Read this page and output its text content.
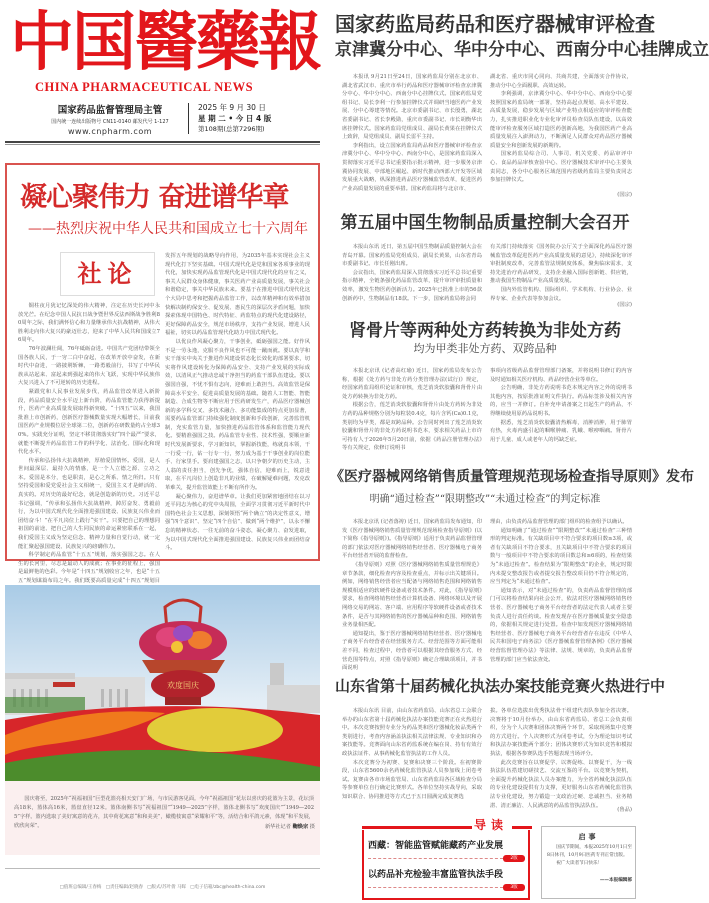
中国醫藥報
CHINA PHARMACEUTICAL NEWS
国家药品监督管理局主管
国内统一连续出版物号 CN11-0140 邮发代号 1-127
www.cnpharm.com
2025 年 9 月 30 日
星 期 二 • 今 日 4 版
第108期(总第7296期)
凝心聚伟力 奋进谱华章
——热烈庆祝中华人民共和国成立七十六周年
社论

铜柱夜月犹记忆深处的伟大精神，注定在历史长河中永放光芒。在纪念中国人民抗日战争暨世界反法西斯战争胜利80周年之际，我们满怀信心和力量继承伟大抗战精神，从伟大胜利走向伟大复兴的豪迈壮志，迎来了中华人民共和国成立76周年。

76年波澜壮阔，76年砥砺奋进。中国共产党团结带领全国各族人民，于一穷二白中奋起，在改革开放中奋发，在新时代中奋进，一路披荆斩棘，一路勇毅前行，书写了中华民族从站起来、富起来到强起来的伟大飞跃，实现中华民族伟大复兴进入了不可逆转的历史进程。

紧跟党和人民事业发展步伐，药品监管改革进入新阶段，药品质量安全水平迈上新台阶，药品监管能力获得新提升，医药产业高质量发展取得新突破。“十四五”以来，我国批准上市创新药，创新医疗器械数量实现大幅增长，目前我国医药产业规模位居全球第二位，创新药在研数量约占全球30%。实践充分证明，坚定不移贯彻落实好“四个最严”要求，就能不断提升药品监管工作的科学化、法治化、国际化和现代化水平。

传承和弘扬伟大抗战精神，厚植爱国情怀。爱国，是人世间最深层、最持久的情感，是一个人立德之源、立功之本。爱国是本分，也是职责，是心之所系、情之所归。只有坚持爱国和爱党爱社会主义相统一，爱国主义才是鲜活的、真实的。对历史的最好纪念，就是创造新的历史。习近平总书记强调，“传承和弘扬伟大抗战精神，踔厉奋发、勇毅前行，为以中国式现代化全面推进强国建设、民族复兴伟业而团结奋斗！”在平凡岗位上践行“实干”。只要把自己的理想同祖国的前途、把自己的人生同民族的命运紧密联系在一起，我们爱国主义成为坚定信念、精神力量和自觉行动，就一定能汇聚起强国建设、民族复兴的磅礴伟力。

科学制定药品监管“十五五”规划，落实强国之志。在人生的长河里，尽志是最动人的成就；在事业的征程上，强国是最鲜艳的色彩。今年是“十四五”规划收官之年，也是“十五五”规划谋篇布局之年。我们既要高质量完成“十四五”规划目

发挥五年规划的战略导向作用，为2035年基本实现社会主义现代化打下坚实基础。中国式现代化是党和国家各项事业的现代化，加快实现药品监管现代化是中国式现代化的应有之义，事关人民群众身体健康，事关医药产业高质量发展，事关社会和谐稳定，事关中华民族未来。要基于在推进中国式现代化这个大局中思考和把握药品监管工作，以改革精神和有效举措加快解决制约保安全、促发展、惠民生的深层次矛盾问题，加快探索体现中国特色、时代特征、药监特点的现代化建设路径，更好保障药品安全，规范市场秩序，支持产业发展，增进人民福祉，切实以药品监管现代化助力中国式现代化。

以优良作风凝心聚力，干事创业，砥砺强国之能。好作风不是一劳永逸，克服不良作风也不可能一蹴而就。要以真学和实干落实中央关于推进作风建设常态化长效化的部署要求，切实将作风建设转化为保障药品安全、支持产业发展的实际成效，以清风正气推动忠诚干净担当的药监干部队伍建设。要以强国自强，不忧不惧有志向，迎难而上敢担当。高效监管是保障高水平安全、促进高质量发展的基础。随着人工智能、智能制造、合成生物等不断应用于医药研发生产，药品医疗器械创新的多学科交叉、多技术融合、多功能集成的特点更加显著，需要药品监管部门持续强化制度创新和手段创新，完善监管机制，充实监管力量，加快推进药品监管体系和监管能力现代化。要精准强国之技。药品监管专业性、技术性强，要顺应新时代发展新要求，学习新知识，掌握新技能，练就真本领，干一行爱一行，钻一行专一行，努力成为基于干事创业的岗位能手、行家里手。要肩建强国之志，以只争朝夕的历史主动，主人翁的责任担当，创先争优，强体自信，迎难而上，锐意进取，在平凡岗位上创造非凡的业绩，在破解疑难问题，攻克改革难关，提升监管效能上不断有所作为。

凝心聚伟力，奋进谱华章。让我们更加紧密地团结在以习近平同志为核心的党中央周围，全面学习贯彻习近平新时代中国特色社会主义思想，深刻领悟“两个确立”的决定性意义，增强“四个意识”、坚定“四个自信”、做到“两个维护”，以永不懈怠的精神状态、一往无前的奋斗姿态，凝心聚力、奋发进取，为以中国式现代化全面推进强国建设、民族复兴伟业而团结奋斗。

欢度国庆

国庆将至，2025年“祝福祖国”巨型花篮亮相天安门广场，与市民游客见面。今年“祝福祖国”花坛以喜庆的花篮为主景，花坛顶高18米，篮体高16米，篮盘直径12米。篮体南侧书写“祝福祖国”“1949—2025”字样，篮体北侧书写“欢度国庆”“1949—2025”字样。篮内选取了美好寓意的花卉，其中荷花寓意“和和美美”，橄榄枝寓意“荣耀和平”等，活结合和平鸽元素，体现“和平发展，欣欣向荣”。	新华社记者 鞠焕宗 摄
□值班总编辑/王春梅 □责任编辑/赵晓春 □版式/苏叶倩 马晖 □电子信箱/zbc@health-china.com
国家药监局药品和医疗器械审评检查
京津冀分中心、华中分中心、西南分中心挂牌成立

本报讯 9月21日至24日，国家药监局分别在北京市、湖北省武汉市、重庆市举行药品和医疗器械审评检查京津冀分中心、华中分中心、西南分中心挂牌仪式。国家药监局党组书记、局长李利一行参加挂牌仪式并调研当地医药产业发展、分中心筹建等情况。北京市委副书记、市长殷勇，湖北省委副书记、省长李殿勋，重庆市委副书记、市长胡衡华出席挂牌仪式。国家药监局党组成员、副局长黄果在挂牌仪式上致辞，局党组成员、副局长雷平主持。

李利指出，设立国家药监局药品和医疗器械审评检查京津冀分中心、华中分中心、西南分中心，是国家药监局深入贯彻落实习近平总书记重要指示批示精神，进一步服务京津冀协同发展、中部地区崛起、新时代推动西部大开发等区域发展重大战略，纵深推进药品医疗器械监管改革，促进医药产业高质量发展的重要举措。国家药监局将与北京市、

湖北省、重庆市同心同向、共商共建，全面落实合作协议，推动分中心全面履职、高效运转。

李利强调，京津冀分中心、华中分中心、西南分中心要按照国家药监局统一部署，坚持高起点规划、高水平建设、高质量发展，稳步发展与区域产业特点相适应的审评检查能力，扎实推进职业化专业化审评员检查员队伍建设，以高效能审评检查服务区域打造医药创新高地，为我国医药产业高质量发展注入澎湃动力，不断满足人民群众对药品医疗器械质量安全和创新发展的新期待。

国家药监局综合司、人事司、机关党委、药品审评中心、食品药品审核查验中心、医疗器械技术审评中心主要负责同志，各分中心服务区域范围内省级药监局主要负责同志参加挂牌仪式。

(国宗)
第五届中国生物制品质量控制大会召开

本报山东讯 近日，第五届中国生物制品质量控制大会在青岛开幕。国家药监局党组成员、副局长黄果，山东省青岛市委副书记、市长任刚出席。

会议指出，国家药监局深入贯彻落实习近平总书记重要指示精神，全链条强化药品监管改革，提升审评审批质量和效率，激发生物医药创新活力。2025年已批准上市的56款创新药中，生物制品有18款。下一步，国家药监局将会同

有关部门持续落实《国务院办公厅关于全面深化药品医疗器械监管改革促进医药产业高质量发展的意见》，持续深化审评审批制度改革，完善监管法规制度体系，聚焦临床需求，支持先进治疗药品研发，支持企业融入国际创新链、供应链，推动我国生物制品产业高质量发展。

国内外监管机构、国际组织、学术机构、行业协会、业界专家、企业代表等参加会议。

(国宗)
肾骨片等两种处方药转换为非处方药
均为甲类非处方药、双跨品种

本报北京讯 (记者高红瑜) 近日，国家药监局发布公告称，根据《处方药与非处方药分类管理办法(试行)》规定，经国家药监局组织论证和审核，莲芝消炎软胶囊和肾骨片由处方药转换为非处方药。

根据公告，莲芝消炎软胶囊和肾骨片由处方药转为非处方药的品种规格分别为每粒装0.4克，每片含钙(Ca)0.1克，类别均为甲类，都是双跨品种。公告同时列出了莲芝消炎软胶囊和肾骨片的非处方药说明书范本，要求相关药品上市许可持有人于2026年5月20日前，依据《药品注册管理办法》等有关规定，依修订说明书

事项向省级药品监督管理部门备案，并将说明书修订的内容及时通知相关医疗机构、药品经营企业等单位。

公告明确，非处方药说明书范本规定内容之外的说明书其他内容，按原批准证明文件执行。药品标签涉及相关内容的，应当一并修订。自补充申请备案之日起生产的药品，不得继续使用原药品说明书。

据悉，莲芝消炎软胶囊清热解毒，消肿消肿，用于肺胃有热，火毒内盛引起的咽喉肿痛、乳蛾、喉痹咽痛。肾骨片用于儿童、成人或老年人的钙缺乏症。

《医疗器械网络销售质量管理规范现场检查指导原则》发布
明确“通过检查”“限期整改”“未通过检查”的判定标准

本报北京讯 (记者落祷) 近日，国家药监局发布通知，印发《医疗器械网络销售质量管理规范现场检查指导原则》(以下简称《指导原则》)。《指导原则》适用于负责药品监督管理的部门依法对医疗器械网络销售经营者、医疗器械电子商务平台经营者开展的监督检查。

《指导原则》对照《医疗器械网络销售质量管理规范》章节条款，细化检查内容及检查重点，并标示出关键项目。例如，网络销售经营者应当配备与网络销售范围和网络销售规模相适应的软硬件设备或者技术条件。对此，《指导原则》要求，检查网络销售经营者计算机设备、网络环境以及开展网络交易的网站、客户端、应用程序等软硬件设备或者技术条件，是否与其网络销售的医疗器械品种和范围、网络销售业务量相匹配。

通知提出，鉴于医疗器械网络销售经营者、医疗器械电子商务平台经营者在经营服务方式、经营范围等方面可能相差不同，检查过程中，经营者可以根据其经营服务方式、经营范围等特点，对照《指导原则》确定合理缺项项目，并书面说明

理由，由负责药品监督管理的部门组织的检查组予以确认。

通知明确了“通过检查”“限期整改”“未通过检查”三种情形的判定标准。有关缺项目中不符合要求的项目数≥3项，或者有关缺项目不符合要求，且关缺项目中不符合要求的项目数与一般项目中不符合要求的项目数总和≥6项的，检查结果为“未通过检查”。检查结果为“限期整改”的企业，规定时限内未提交整改报告或者提交报告整改项目仍不符合规定的，应当判定为“未通过检查”。

通知表示，对“未通过检查”的，负责药品监督管理的部门可以将检查结果向社会公开，依法对医疗器械网络销售经营者、医疗器械电子商务平台经营者的法定代表人或者主要负责人进行责任约谈。检查发现存在医疗器械质量安全隐患的，依据相关规定进行处置。检查中如发现医疗器械网络销售经营者、医疗器械电子商务平台经营者存在违反《中华人民共和国电子商务法》《医疗器械监督管理条例》《医疗器械经营监督管理办法》等法律、法规、规章的，负责药品监督管理的部门应当依法查处。

山东省第十届药械化执法办案技能竞赛火热进行中

本报山东讯 目前，由山东省药监局、山东省总工会联合举办的山东省第十届药械化执法办案技能竞赛正在火热进行中。本次竞赛按照专业分为药品类和医疗器械化妆品类两个类别进行，考查内容涵盖执法相关法律法规、专业知识和办案技能等。竞赛面向山东省药监系统在编在岗、持有有效行政执法证件、从事药械化监管执法的工作人员。

本次竞赛分为初赛、复赛和决赛三个阶段。在初赛阶段，山东省5600余名药械化监管执法人员参加线上闭卷考试。复赛由各市市场监管局、山东省药监局各区域检查分局等参赛单位自行确定比赛形式。各单位坚持实战导向，采取知识联合、协同推进等方式已于五日圆满完成复赛选

拔。各单位选拔出优秀执法骨干组建代表队参加全省决赛。决赛将于10月份举办，由山东省药监局、省总工会负责组织，分为个人决赛和团体决赛两个环节，采取现场集中竞赛的方式进行。个人决赛形式为闭卷考试，分为理论知识考试和执法办案技能两个部分；团体决赛形式为知识竞答和模拟执法，根据各参赛队选手答题表现当场评分。

此次竞赛旨在以赛促学、以赛促练、以赛促干，为一线执法队伍搭建切磋技艺、交流互鉴的平台。以竞赛为契机，全面提升药械化执法人员办案能力，为全省药械化执法队伍的专业化建设提供有力支撑，更好服务山东省药械化监管执法专业化建设，努力锻造一支政治过硬、忠诚担当、业务精湛、清正廉洁、人民满意的药品监管执法队伍。

(鲁品)
导读
西藏：智能监管赋能藏药产业发展
2版
以药品补充检验丰富监管执法手段
3版
启事

国庆节期间，本报2025年10月1日至8日休刊，10月9日医药专刊正常出版。

祝广大读者节日快乐！

——本报编辑部
